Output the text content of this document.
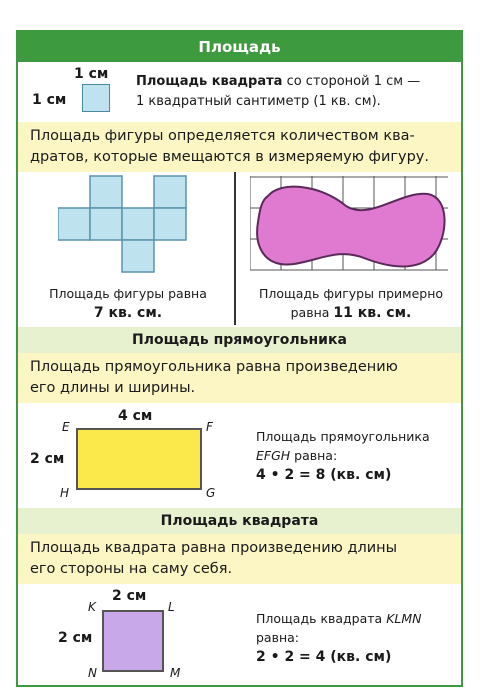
Площадь
1 см
1 см
Площадь квадрата со стороной 1 см —
1 квадратный сантиметр (1 кв. см).
Площадь фигуры определяется количеством ква-
дратов, которые вмещаются в измеряемую фигуру.
Площадь фигуры равна
7 кв. см.
Площадь фигуры примерно
равна 11 кв. см.
Площадь прямоугольника
Площадь прямоугольника равна произведению
его длины и ширины.
4 см
2 см
E	F
G
H
Площадь прямоугольника
EFGH равна:
4 • 2 = 8 (кв. см)
Площадь квадрата
Площадь квадрата равна произведению длины
его стороны на саму себя.
2 см
2 см
K	L
M
N
Площадь квадрата KLMN
равна:
2 • 2 = 4 (кв. см)
